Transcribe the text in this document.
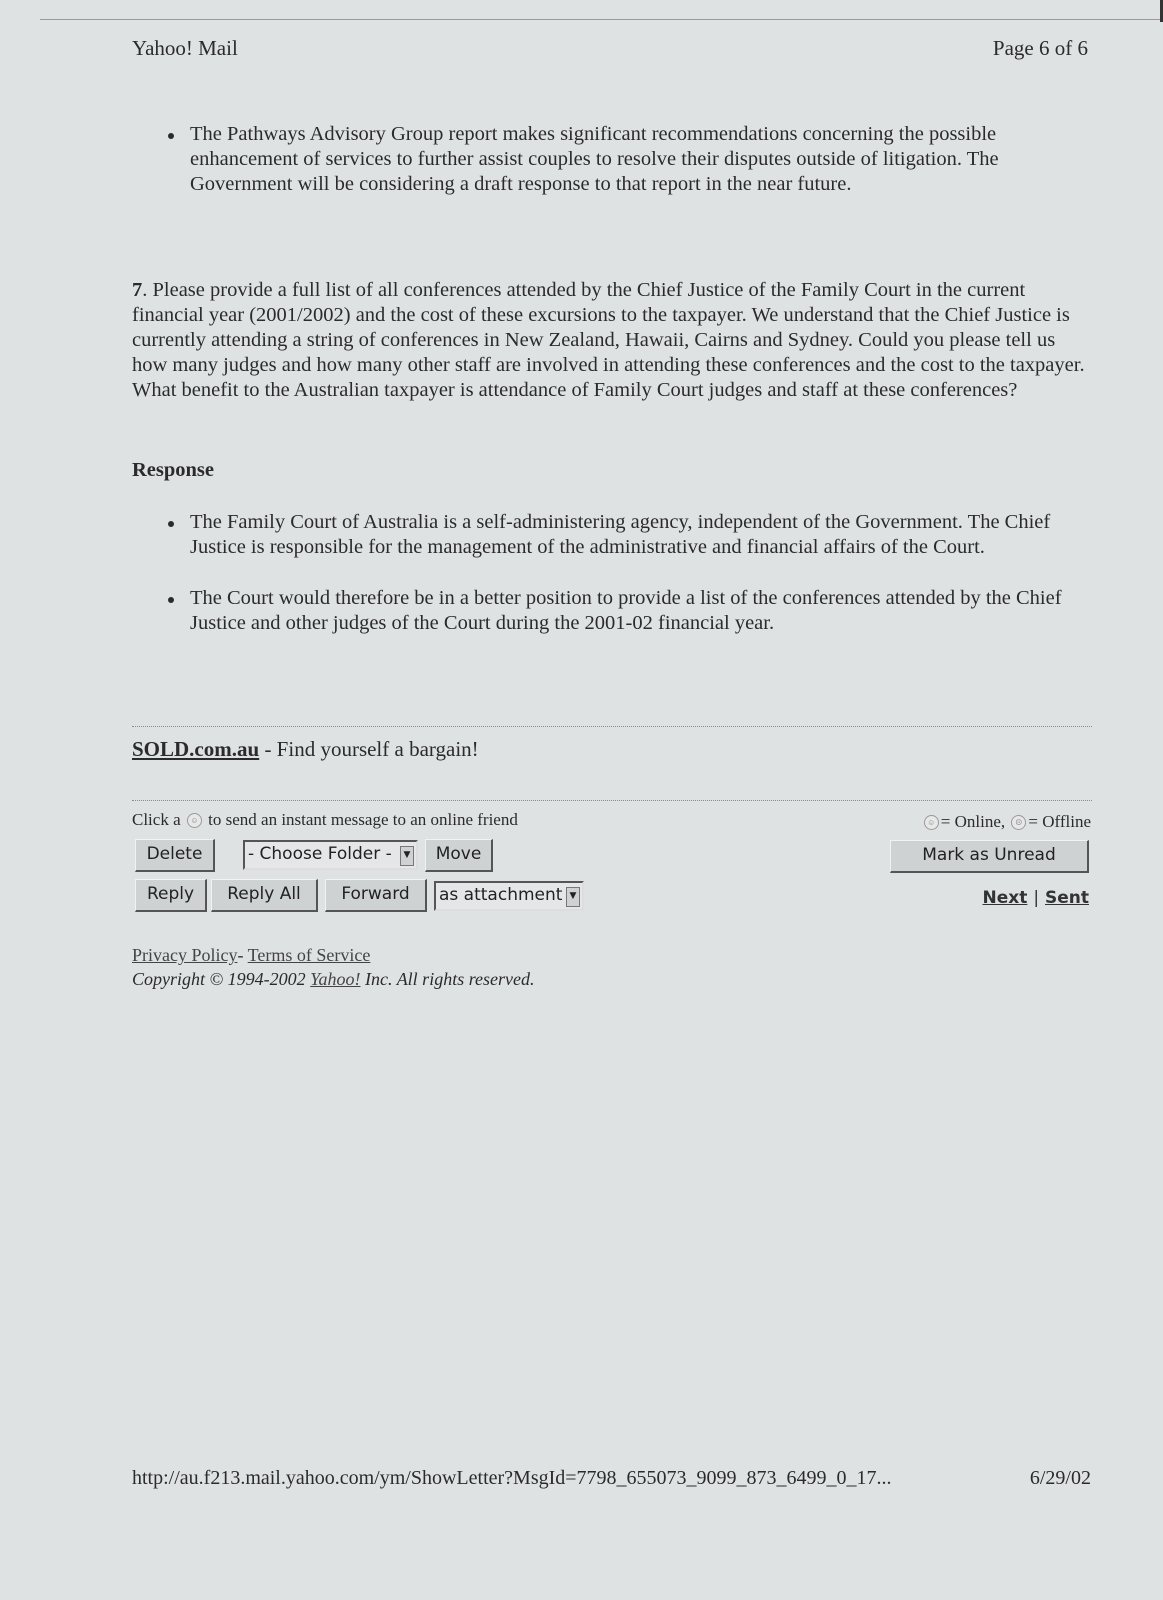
Yahoo! Mail	Page 6 of 6
The Pathways Advisory Group report makes significant recommendations concerning the possible enhancement of services to further assist couples to resolve their disputes outside of litigation. The Government will be considering a draft response to that report in the near future.
7. Please provide a full list of all conferences attended by the Chief Justice of the Family Court in the current financial year (2001/2002) and the cost of these excursions to the taxpayer. We understand that the Chief Justice is currently attending a string of conferences in New Zealand, Hawaii, Cairns and Sydney. Could you please tell us how many judges and how many other staff are involved in attending these conferences and the cost to the taxpayer. What benefit to the Australian taxpayer is attendance of Family Court judges and staff at these conferences?
Response
The Family Court of Australia is a self-administering agency, independent of the Government. The Chief Justice is responsible for the management of the administrative and financial affairs of the Court.
The Court would therefore be in a better position to provide a list of the conferences attended by the Chief Justice and other judges of the Court during the 2001-02 financial year.
SOLD.com.au - Find yourself a bargain!
Click a ☺ to send an instant message to an online friend	☺ = Online, ☹ = Offline
Delete	- Choose Folder -	▼	Move	Mark as Unread
Reply	Reply All	Forward	as attachment ▼	Next | Sent
Privacy Policy- Terms of Service
Copyright © 1994-2002 Yahoo! Inc. All rights reserved.
http://au.f213.mail.yahoo.com/ym/ShowLetter?MsgId=7798_655073_9099_873_6499_0_17...	6/29/02
